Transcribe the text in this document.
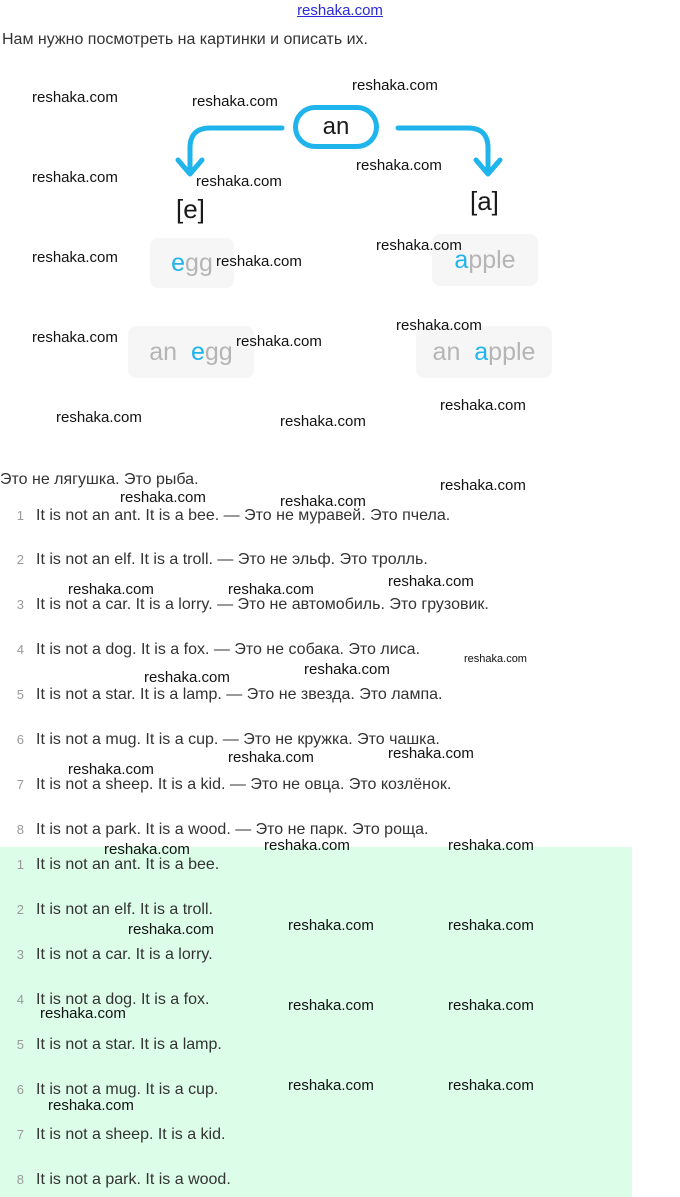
reshaka.com
Нам нужно посмотреть на картинки и описать их.
an
[e]	[a]
e gg	a pple
an
e gg	an
a pple
Это не лягушка. Это рыба.
1 It is not an ant. It is a bee. — Это не муравей. Это пчела.
2 It is not an elf. It is a troll. — Это не эльф. Это тролль.
3 It is not a car. It is a lorry. — Это не автомобиль. Это грузовик.
4 It is not a dog. It is a fox. — Это не собака. Это лиса.
5 It is not a star. It is a lamp. — Это не звезда. Это лампа.
6 It is not a mug. It is a cup. — Это не кружка. Это чашка.
7 It is not a sheep. It is a kid. — Это не овца. Это козлёнок.
8 It is not a park. It is a wood. — Это не парк. Это роща.
1 It is not an ant. It is a bee.
2 It is not an elf. It is a troll.
3 It is not a car. It is a lorry.
4 It is not a dog. It is a fox.
5 It is not a star. It is a lamp.
6 It is not a mug. It is a cup.
7 It is not a sheep. It is a kid.
8 It is not a park. It is a wood.
reshaka.com	reshaka.com
reshaka.com
reshaka.com	reshaka.com
reshaka.com
reshaka.com	reshaka.com
reshaka.com
reshaka.com	reshaka.com
reshaka.com
reshaka.com	reshaka.com
reshaka.com
reshaka.com	reshaka.com
reshaka.com
reshaka.com	reshaka.com	reshaka.com
reshaka.com
reshaka.com	reshaka.com
reshaka.com	reshaka.com
reshaka.com
reshaka.com	reshaka.com
reshaka.com
reshaka.com	reshaka.com
reshaka.com
reshaka.com	reshaka.com
reshaka.com
reshaka.com	reshaka.com
reshaka.com
